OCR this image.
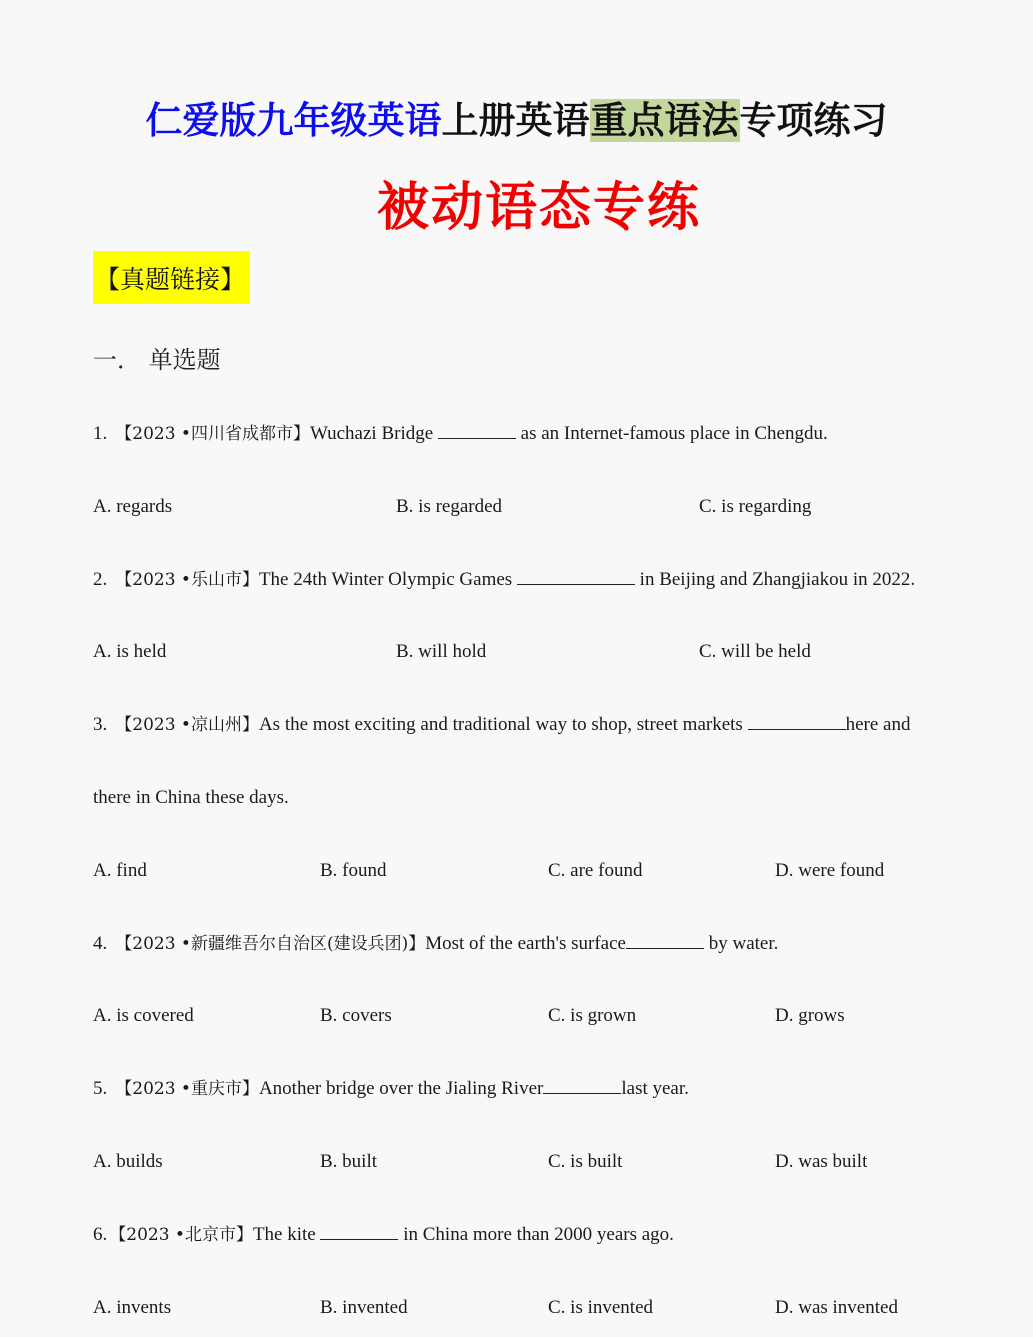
仁爱版九年级英语上册英语重点语法专项练习
被动语态专练
【真题链接】
一． 单选题
1. 【2023 •四川省成都市】Wuchazi Bridge	as an Internet-famous place in Chengdu.
A. regards	B. is regarded	C. is regarding
2. 【2023 •乐山市】The 24th Winter Olympic Games	in Beijing and Zhangjiakou in 2022.
A. is held	B. will hold	C. will be held
3. 【2023 •凉山州】As the most exciting and traditional way to shop, street markets	here and
there in China these days.
A. find	B. found	C. are found	D. were found
4. 【2023 •新疆维吾尔自治区(建设兵团)】Most of the earth's surface	by water.
A. is covered	B. covers	C. is grown	D. grows
5. 【2023 •重庆市】Another bridge over the Jialing River	last year.
A. builds	B. built	C. is built	D. was built
6. 【2023 •北京市】The kite	in China more than 2000 years ago.
A. invents	B. invented	C. is invented	D. was invented
